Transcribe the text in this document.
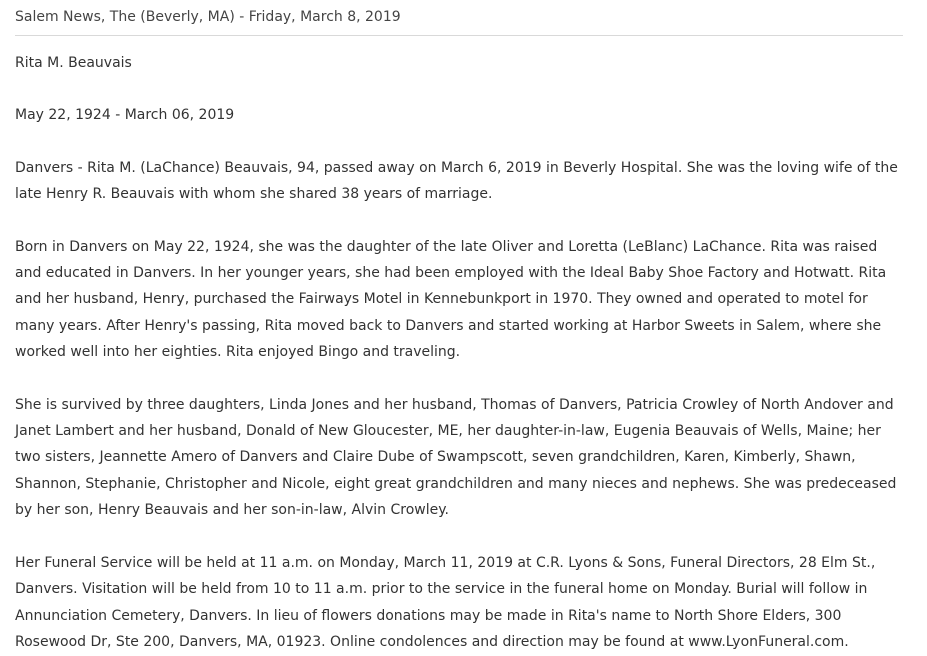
Salem News, The (Beverly, MA) - Friday, March 8, 2019

Rita M. Beauvais

May 22, 1924 - March 06, 2019

Danvers - Rita M. (LaChance) Beauvais, 94, passed away on March 6, 2019 in Beverly Hospital. She was the loving wife of the late Henry R. Beauvais with whom she shared 38 years of marriage.

Born in Danvers on May 22, 1924, she was the daughter of the late Oliver and Loretta (LeBlanc) LaChance. Rita was raised and educated in Danvers. In her younger years, she had been employed with the Ideal Baby Shoe Factory and Hotwatt. Rita and her husband, Henry, purchased the Fairways Motel in Kennebunkport in 1970. They owned and operated to motel for many years. After Henry's passing, Rita moved back to Danvers and started working at Harbor Sweets in Salem, where she worked well into her eighties. Rita enjoyed Bingo and traveling.

She is survived by three daughters, Linda Jones and her husband, Thomas of Danvers, Patricia Crowley of North Andover and Janet Lambert and her husband, Donald of New Gloucester, ME, her daughter-in-law, Eugenia Beauvais of Wells, Maine; her two sisters, Jeannette Amero of Danvers and Claire Dube of Swampscott, seven grandchildren, Karen, Kimberly, Shawn, Shannon, Stephanie, Christopher and Nicole, eight great grandchildren and many nieces and nephews. She was predeceased by her son, Henry Beauvais and her son-in-law, Alvin Crowley.

Her Funeral Service will be held at 11 a.m. on Monday, March 11, 2019 at C.R. Lyons & Sons, Funeral Directors, 28 Elm St., Danvers. Visitation will be held from 10 to 11 a.m. prior to the service in the funeral home on Monday. Burial will follow in Annunciation Cemetery, Danvers. In lieu of flowers donations may be made in Rita's name to North Shore Elders, 300 Rosewood Dr, Ste 200, Danvers, MA, 01923. Online condolences and direction may be found at www.LyonFuneral.com.
